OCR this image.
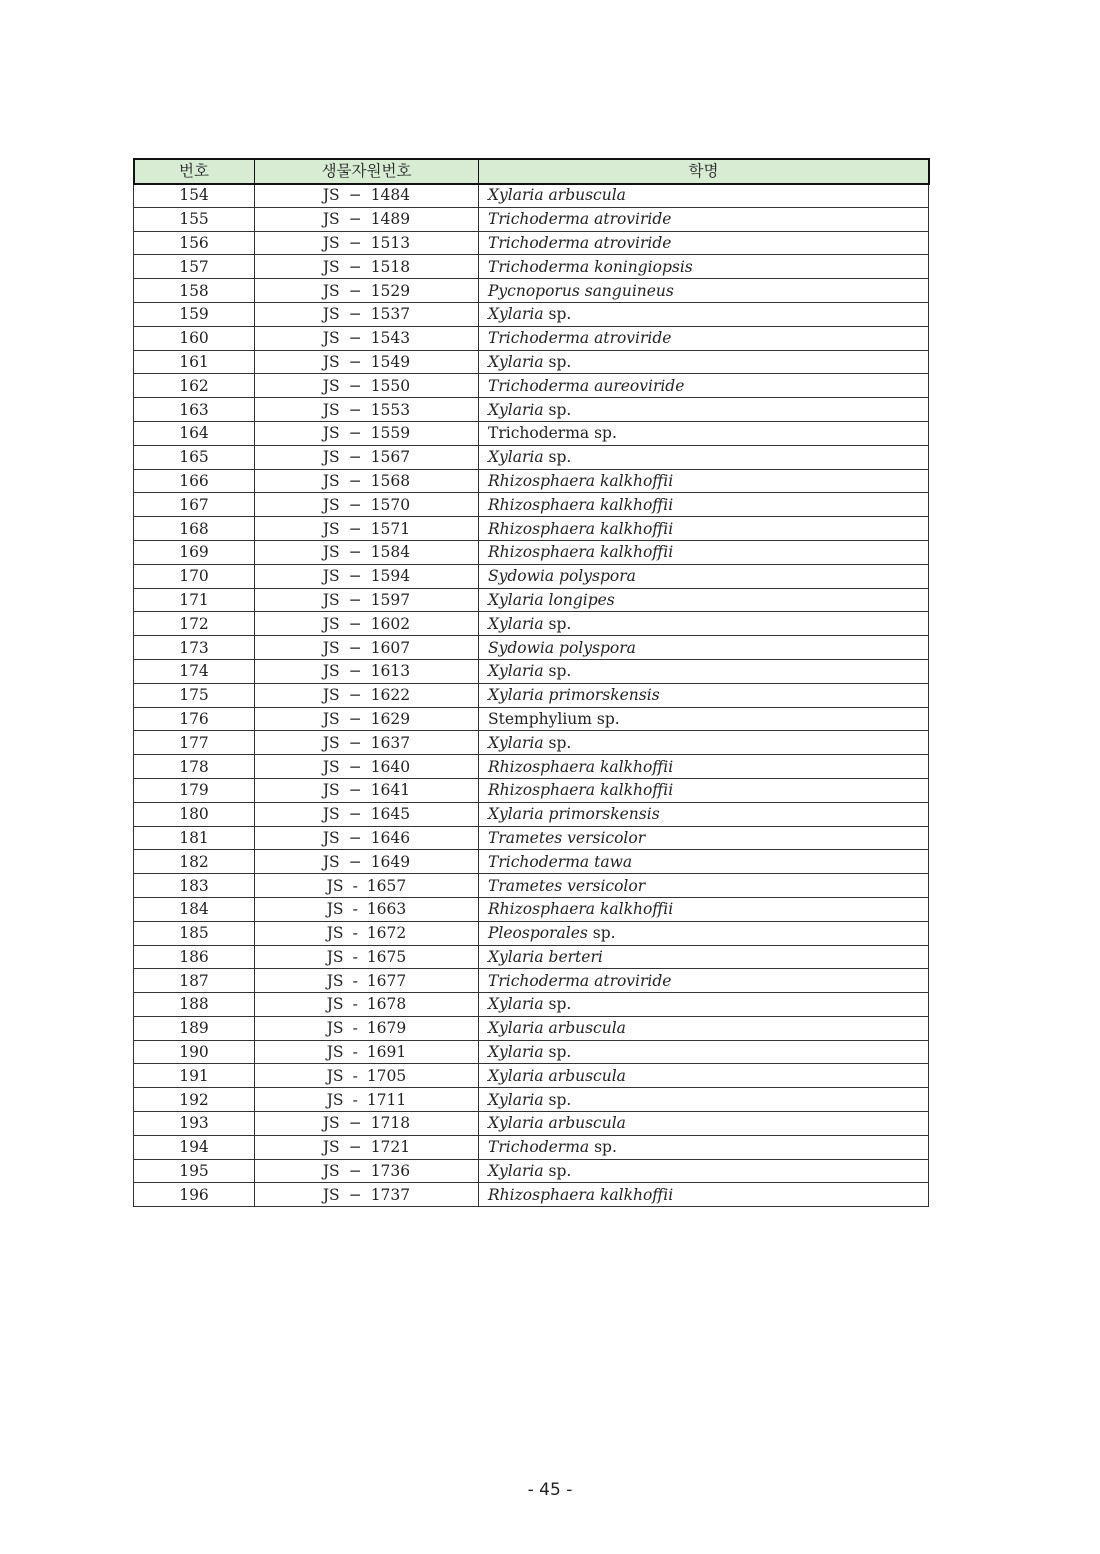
번호	생물자원번호	학명
154	JS − 1484	Xylaria arbuscula
155	JS − 1489	Trichoderma atroviride
156	JS − 1513	Trichoderma atroviride
157	JS − 1518	Trichoderma koningiopsis
158	JS − 1529	Pycnoporus sanguineus
159	JS − 1537	Xylaria sp.
160	JS − 1543	Trichoderma atroviride
161	JS − 1549	Xylaria sp.
162	JS − 1550	Trichoderma aureoviride
163	JS − 1553	Xylaria sp.
164	JS − 1559	Trichoderma sp.
165	JS − 1567	Xylaria sp.
166	JS − 1568	Rhizosphaera kalkhoffii
167	JS − 1570	Rhizosphaera kalkhoffii
168	JS − 1571	Rhizosphaera kalkhoffii
169	JS − 1584	Rhizosphaera kalkhoffii
170	JS − 1594	Sydowia polyspora
171	JS − 1597	Xylaria longipes
172	JS − 1602	Xylaria sp.
173	JS − 1607	Sydowia polyspora
174	JS − 1613	Xylaria sp.
175	JS − 1622	Xylaria primorskensis
176	JS − 1629	Stemphylium sp.
177	JS − 1637	Xylaria sp.
178	JS − 1640	Rhizosphaera kalkhoffii
179	JS − 1641	Rhizosphaera kalkhoffii
180	JS − 1645	Xylaria primorskensis
181	JS − 1646	Trametes versicolor
182	JS − 1649	Trichoderma tawa
183	JS - 1657	Trametes versicolor
184	JS - 1663	Rhizosphaera kalkhoffii
185	JS - 1672	Pleosporales sp.
186	JS - 1675	Xylaria berteri
187	JS - 1677	Trichoderma atroviride
188	JS - 1678	Xylaria sp.
189	JS - 1679	Xylaria arbuscula
190	JS - 1691	Xylaria sp.
191	JS - 1705	Xylaria arbuscula
192	JS - 1711	Xylaria sp.
193	JS − 1718	Xylaria arbuscula
194	JS − 1721	Trichoderma sp.
195	JS − 1736	Xylaria sp.
196	JS − 1737	Rhizosphaera kalkhoffii
- 45 -
